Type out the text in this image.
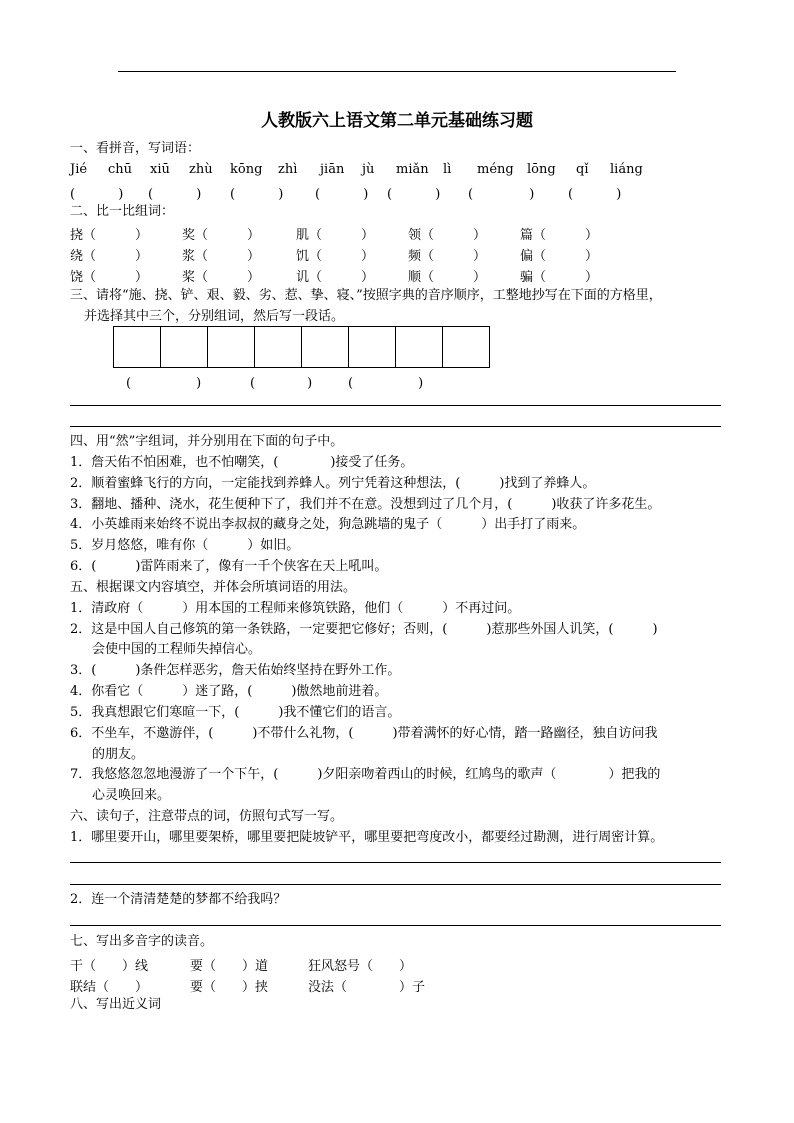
人教版六上语文第二单元基础练习题
一、看拼音，写词语：
Jié chū xiū zhù kōng zhì jiān jù miǎn lì méng lōng qǐ liáng
(　　　 ) (　　　 ) (　　　 ) (　　　 ) (　　　 ) (　　　　 )	(　　　 )
二、比一比组词：
挠（　　　）	奖（　　　）	肌（　　　）	领（　　　）	篇（　　　）
绕（　　　）	浆（　　　）	饥（　　　）	频（　　　）	偏（　　　）
饶（　　　）	桨（　　　）	讥（　　　）	顺（　　　）	骗（　　　）
三、请将“施、挠、铲、艰、毅、劣、惹、挚、寝、”按照字典的音序顺序，工整地抄写在下面的方格里，
并选择其中三个，分别组词，然后写一段话。
(　　　　　)	(　　　　)	(　　　　　)
四、用“然”字组词，并分别用在下面的句子中。
1．詹天佑不怕困难，也不怕嘲笑，(　　　　)接受了任务。
2．顺着蜜蜂飞行的方向，一定能找到养蜂人。列宁凭着这种想法，(　　　)找到了养蜂人。
3．翻地、播种、浇水，花生便种下了，我们并不在意。没想到过了几个月，(　　　)收获了许多花生。
4．小英雄雨来始终不说出李叔叔的藏身之处，狗急跳墙的鬼子（　　　）出手打了雨来。
5．岁月悠悠，唯有你（　　　）如旧。
6．(　　　)雷阵雨来了，像有一千个侠客在天上吼叫。
五、根据课文内容填空，并体会所填词语的用法。
1．清政府（　　　）用本国的工程师来修筑铁路，他们（　　　）不再过问。
2．这是中国人自己修筑的第一条铁路，一定要把它修好；否则，(　　　)惹那些外国人讥笑，(　　　)
会使中国的工程师失掉信心。
3．(　　　)条件怎样恶劣，詹天佑始终坚持在野外工作。
4．你看它（　　　）迷了路，(　　　)傲然地前进着。
5．我真想跟它们寒暄一下，(　　　)我不懂它们的语言。
6．不坐车，不邀游伴，(　　　)不带什么礼物，(　　　)带着满怀的好心情，踏一路幽径，独自访问我
的朋友。
7．我悠悠忽忽地漫游了一个下午，(　　　)夕阳亲吻着西山的时候，红鸠鸟的歌声（　　　　）把我的
心灵唤回来。
六、读句子，注意带点的词，仿照句式写一写。
1．哪里要开山，哪里要架桥，哪里要把陡坡铲平，哪里要把弯度改小，都要经过勘测，进行周密计算。
2．连一个清清楚楚的梦都不给我吗？
七、写出多音字的读音。
干（　　）线	要（　　）道	狂风怒号（　　）
联结（　　）	要（　　）挟	没法（　　　　）子
八、写出近义词
